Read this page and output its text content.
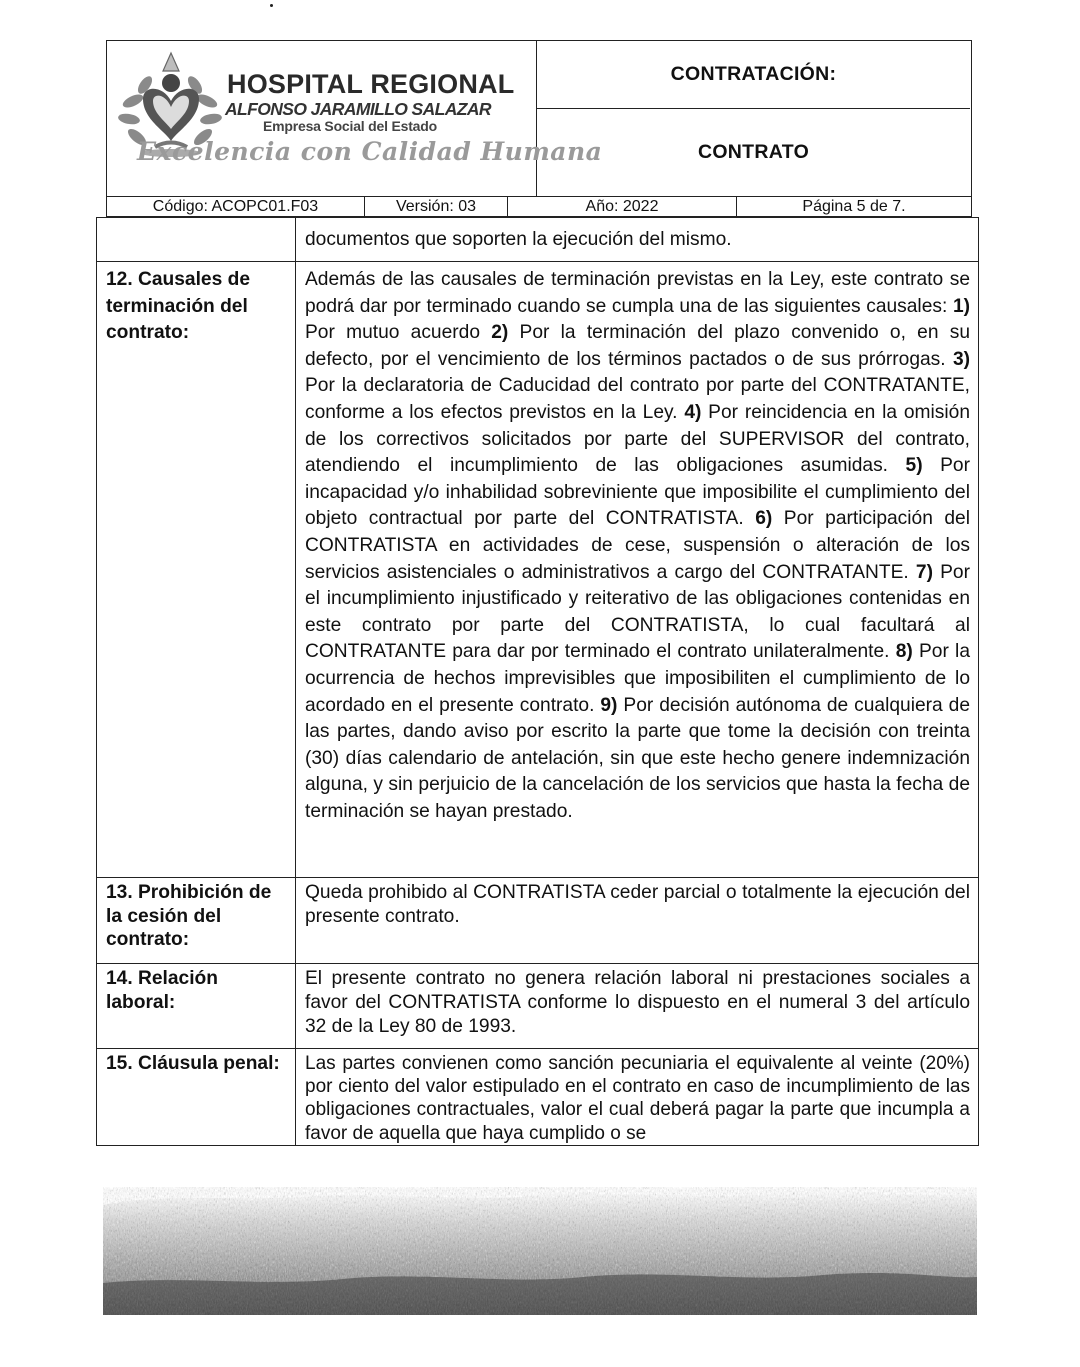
HOSPITAL REGIONAL
ALFONSO JARAMILLO SALAZAR
Empresa Social del Estado
Excelencia con Calidad Humana
CONTRATACIÓN:
CONTRATO
Código: ACOPC01.F03	Versión: 03	Año: 2022	Página 5 de 7.
	documentos que soporten la ejecución del mismo.
12. Causales de terminación del contrato:	Además de las causales de terminación previstas en la Ley, este contrato se podrá dar por terminado cuando se cumpla una de las siguientes causales: 1) Por mutuo acuerdo 2) Por la terminación del plazo convenido o, en su defecto, por el vencimiento de los términos pactados o de sus prórrogas. 3) Por la declaratoria de Caducidad del contrato por parte del CONTRATANTE, conforme a los efectos previstos en la Ley. 4) Por reincidencia en la omisión de los correctivos solicitados por parte del SUPERVISOR del contrato, atendiendo el incumplimiento de las obligaciones asumidas. 5) Por incapacidad y/o inhabilidad sobreviniente que imposibilite el cumplimiento del objeto contractual por parte del CONTRATISTA. 6) Por participación del CONTRATISTA en actividades de cese, suspensión o alteración de los servicios asistenciales o administrativos a cargo del CONTRATANTE. 7) Por el incumplimiento injustificado y reiterativo de las obligaciones contenidas en este contrato por parte del CONTRATISTA, lo cual facultará al CONTRATANTE para dar por terminado el contrato unilateralmente. 8) Por la ocurrencia de hechos imprevisibles que imposibiliten el cumplimiento de lo acordado en el presente contrato. 9) Por decisión autónoma de cualquiera de las partes, dando aviso por escrito la parte que tome la decisión con treinta (30) días calendario de antelación, sin que este hecho genere indemnización alguna, y sin perjuicio de la cancelación de los servicios que hasta la fecha de terminación se hayan prestado.
13. Prohibición de la cesión del contrato:	Queda prohibido al CONTRATISTA ceder parcial o totalmente la ejecución del presente contrato.
14. Relación laboral:	El presente contrato no genera relación laboral ni prestaciones sociales a favor del CONTRATISTA conforme lo dispuesto en el numeral 3 del artículo 32 de la Ley 80 de 1993.
15. Cláusula penal:	Las partes convienen como sanción pecuniaria el equivalente al veinte (20%) por ciento del valor estipulado en el contrato en caso de incumplimiento de las obligaciones contractuales, valor el cual deberá pagar la parte que incumpla a favor de aquella que haya cumplido o se
